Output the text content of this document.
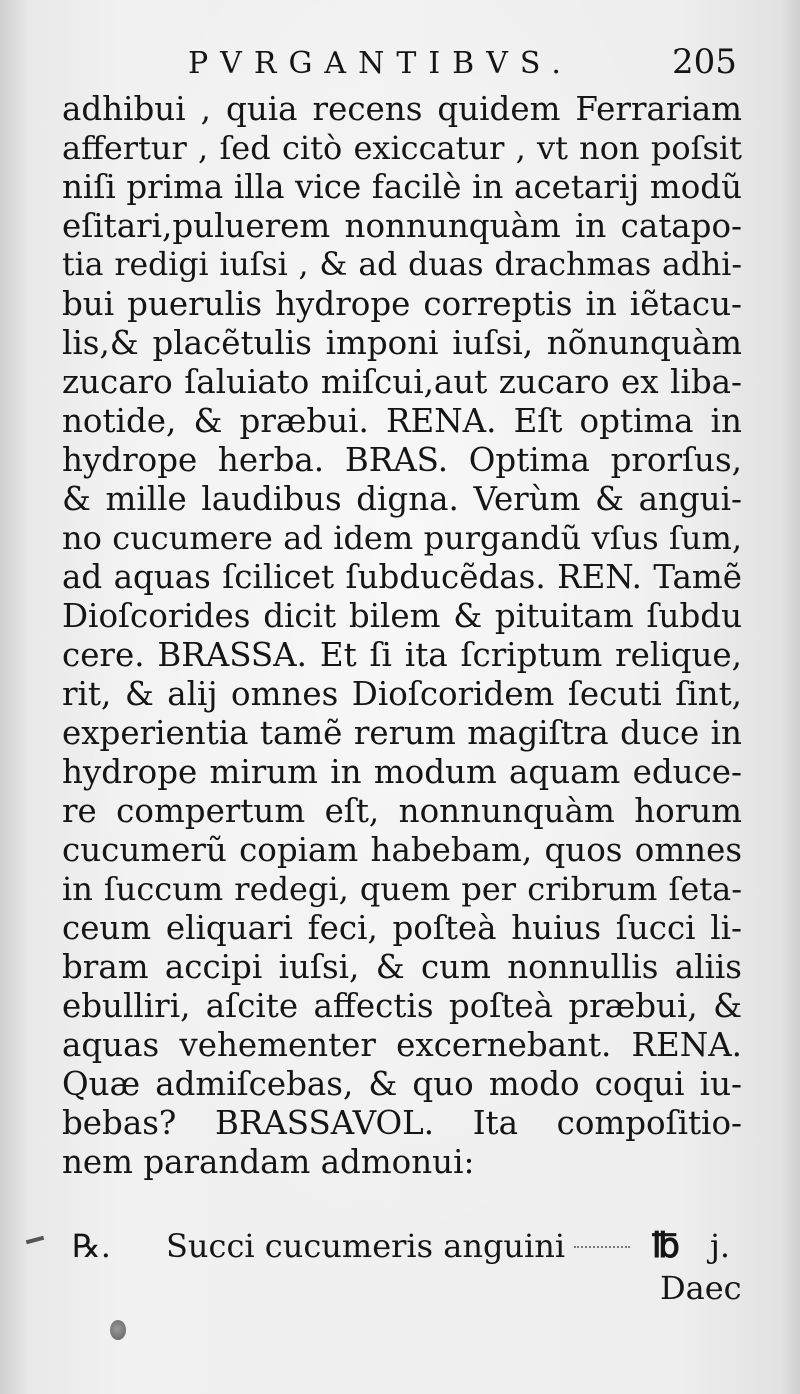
PVRGANTIBVS.	205
adhibui , quia recens quidem Ferrariam
affertur , ſed citò exiccatur , vt non poſsit
niſi prima illa vice facilè in acetarij modũ
eſitari,puluerem nonnunquàm in catapo-
tia redigi iuſsi , & ad duas drachmas adhi-
bui puerulis hydrope correptis in iẽtacu-
lis,& placẽtulis imponi iuſsi, nõnunquàm
zucaro ſaluiato miſcui,aut zucaro ex liba-
notide, & præbui. RENA. Eſt optima in
hydrope herba. BRAS. Optima prorſus,
& mille laudibus digna. Verùm & angui-
no cucumere ad idem purgandũ vſus ſum,
ad aquas ſcilicet ſubducẽdas. REN. Tamẽ
Dioſcorides dicit bilem & pituitam ſubdu
cere. BRASSA. Et ſi ita ſcriptum relique,
rit, & alij omnes Dioſcoridem ſecuti ſint,
experientia tamẽ rerum magiſtra duce in
hydrope mirum in modum aquam educe-
re compertum eſt, nonnunquàm horum
cucumerũ copiam habebam, quos omnes
in ſuccum redegi, quem per cribrum ſeta-
ceum eliquari feci, poſteà huius ſucci li-
bram accipi iuſsi, & cum nonnullis aliis
ebulliri, aſcite affectis poſteà præbui, &
aquas vehementer excernebant. RENA.
Quæ admiſcebas, & quo modo coqui iu-
bebas? BRASSAVOL. Ita compoſitio-
nem parandam admonui:
℞. Succi cucumeris anguini	℔ j.
Daec
